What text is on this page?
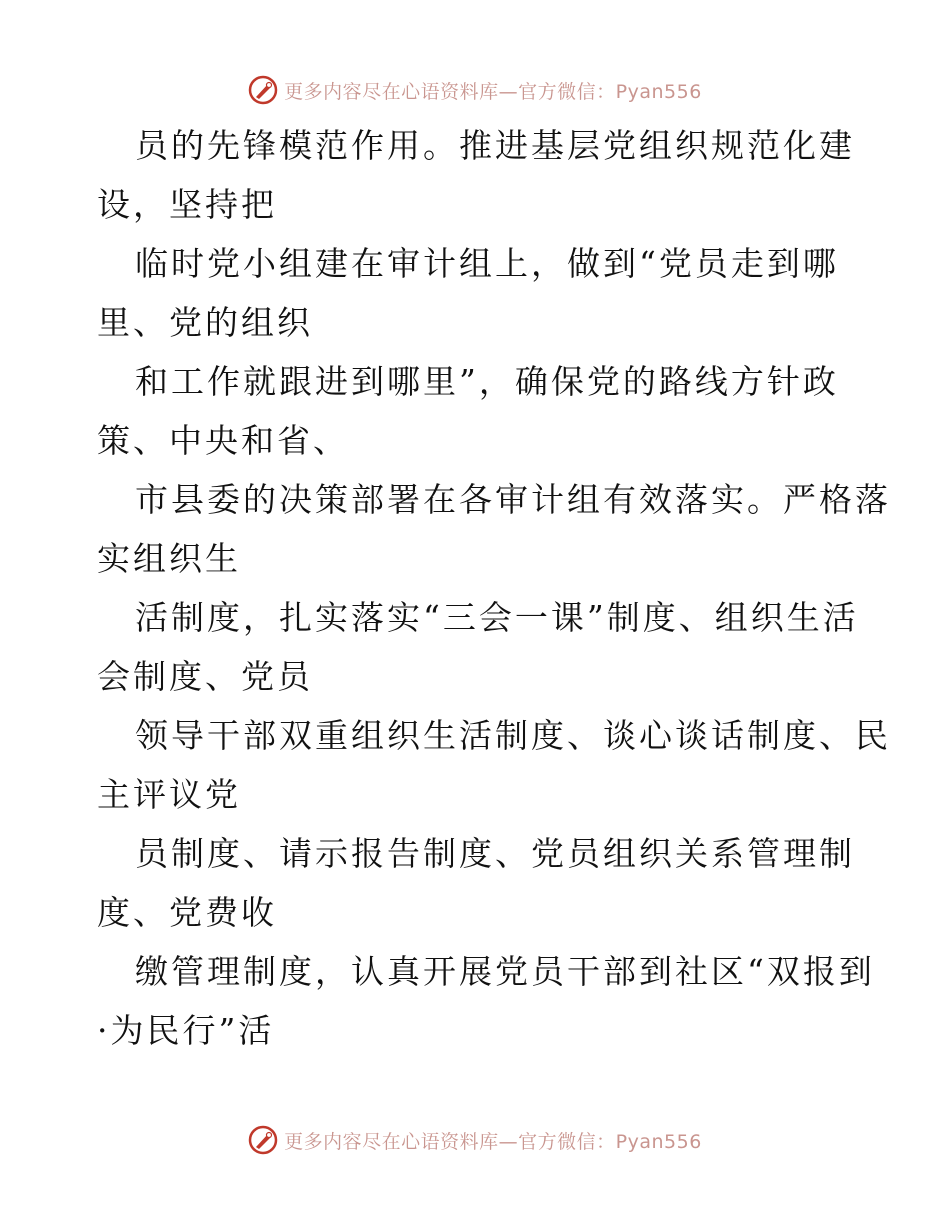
更多内容尽在心语资料库—官方微信：Pyan556
员的先锋模范作用。推进基层党组织规范化建
设，坚持把
临时党小组建在审计组上，做到“党员走到哪
里、党的组织
和工作就跟进到哪里”，确保党的路线方针政
策、中央和省、
市县委的决策部署在各审计组有效落实。严格落
实组织生
活制度，扎实落实“三会一课”制度、组织生活
会制度、党员
领导干部双重组织生活制度、谈心谈话制度、民
主评议党
员制度、请示报告制度、党员组织关系管理制
度、党费收
缴管理制度，认真开展党员干部到社区“双报到
·为民行”活
更多内容尽在心语资料库—官方微信：Pyan556
